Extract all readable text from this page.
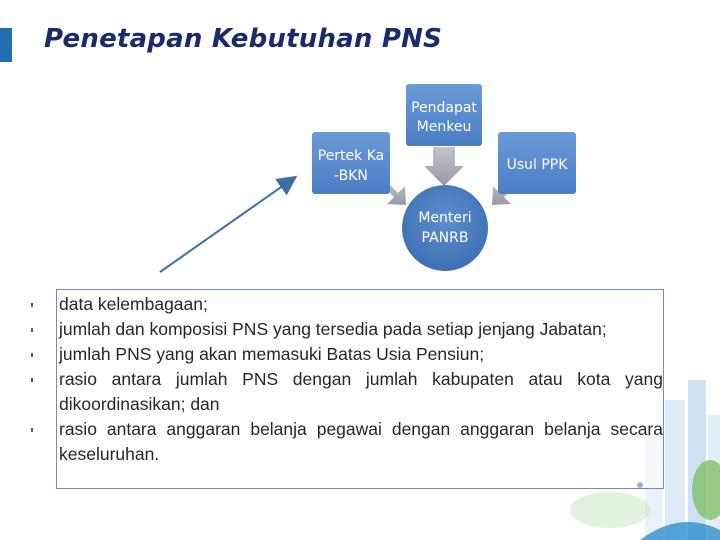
Penetapan Kebutuhan PNS
Pendapat
Menkeu
Pertek Ka
-BKN
Usul PPK
Menteri
PANRB
data kelembagaan;
jumlah dan komposisi PNS yang tersedia pada setiap jenjang Jabatan;
jumlah PNS yang akan memasuki Batas Usia Pensiun;
rasio antara jumlah PNS dengan jumlah kabupaten atau kota yang dikoordinasikan; dan
rasio antara anggaran belanja pegawai dengan anggaran belanja secara keseluruhan.
